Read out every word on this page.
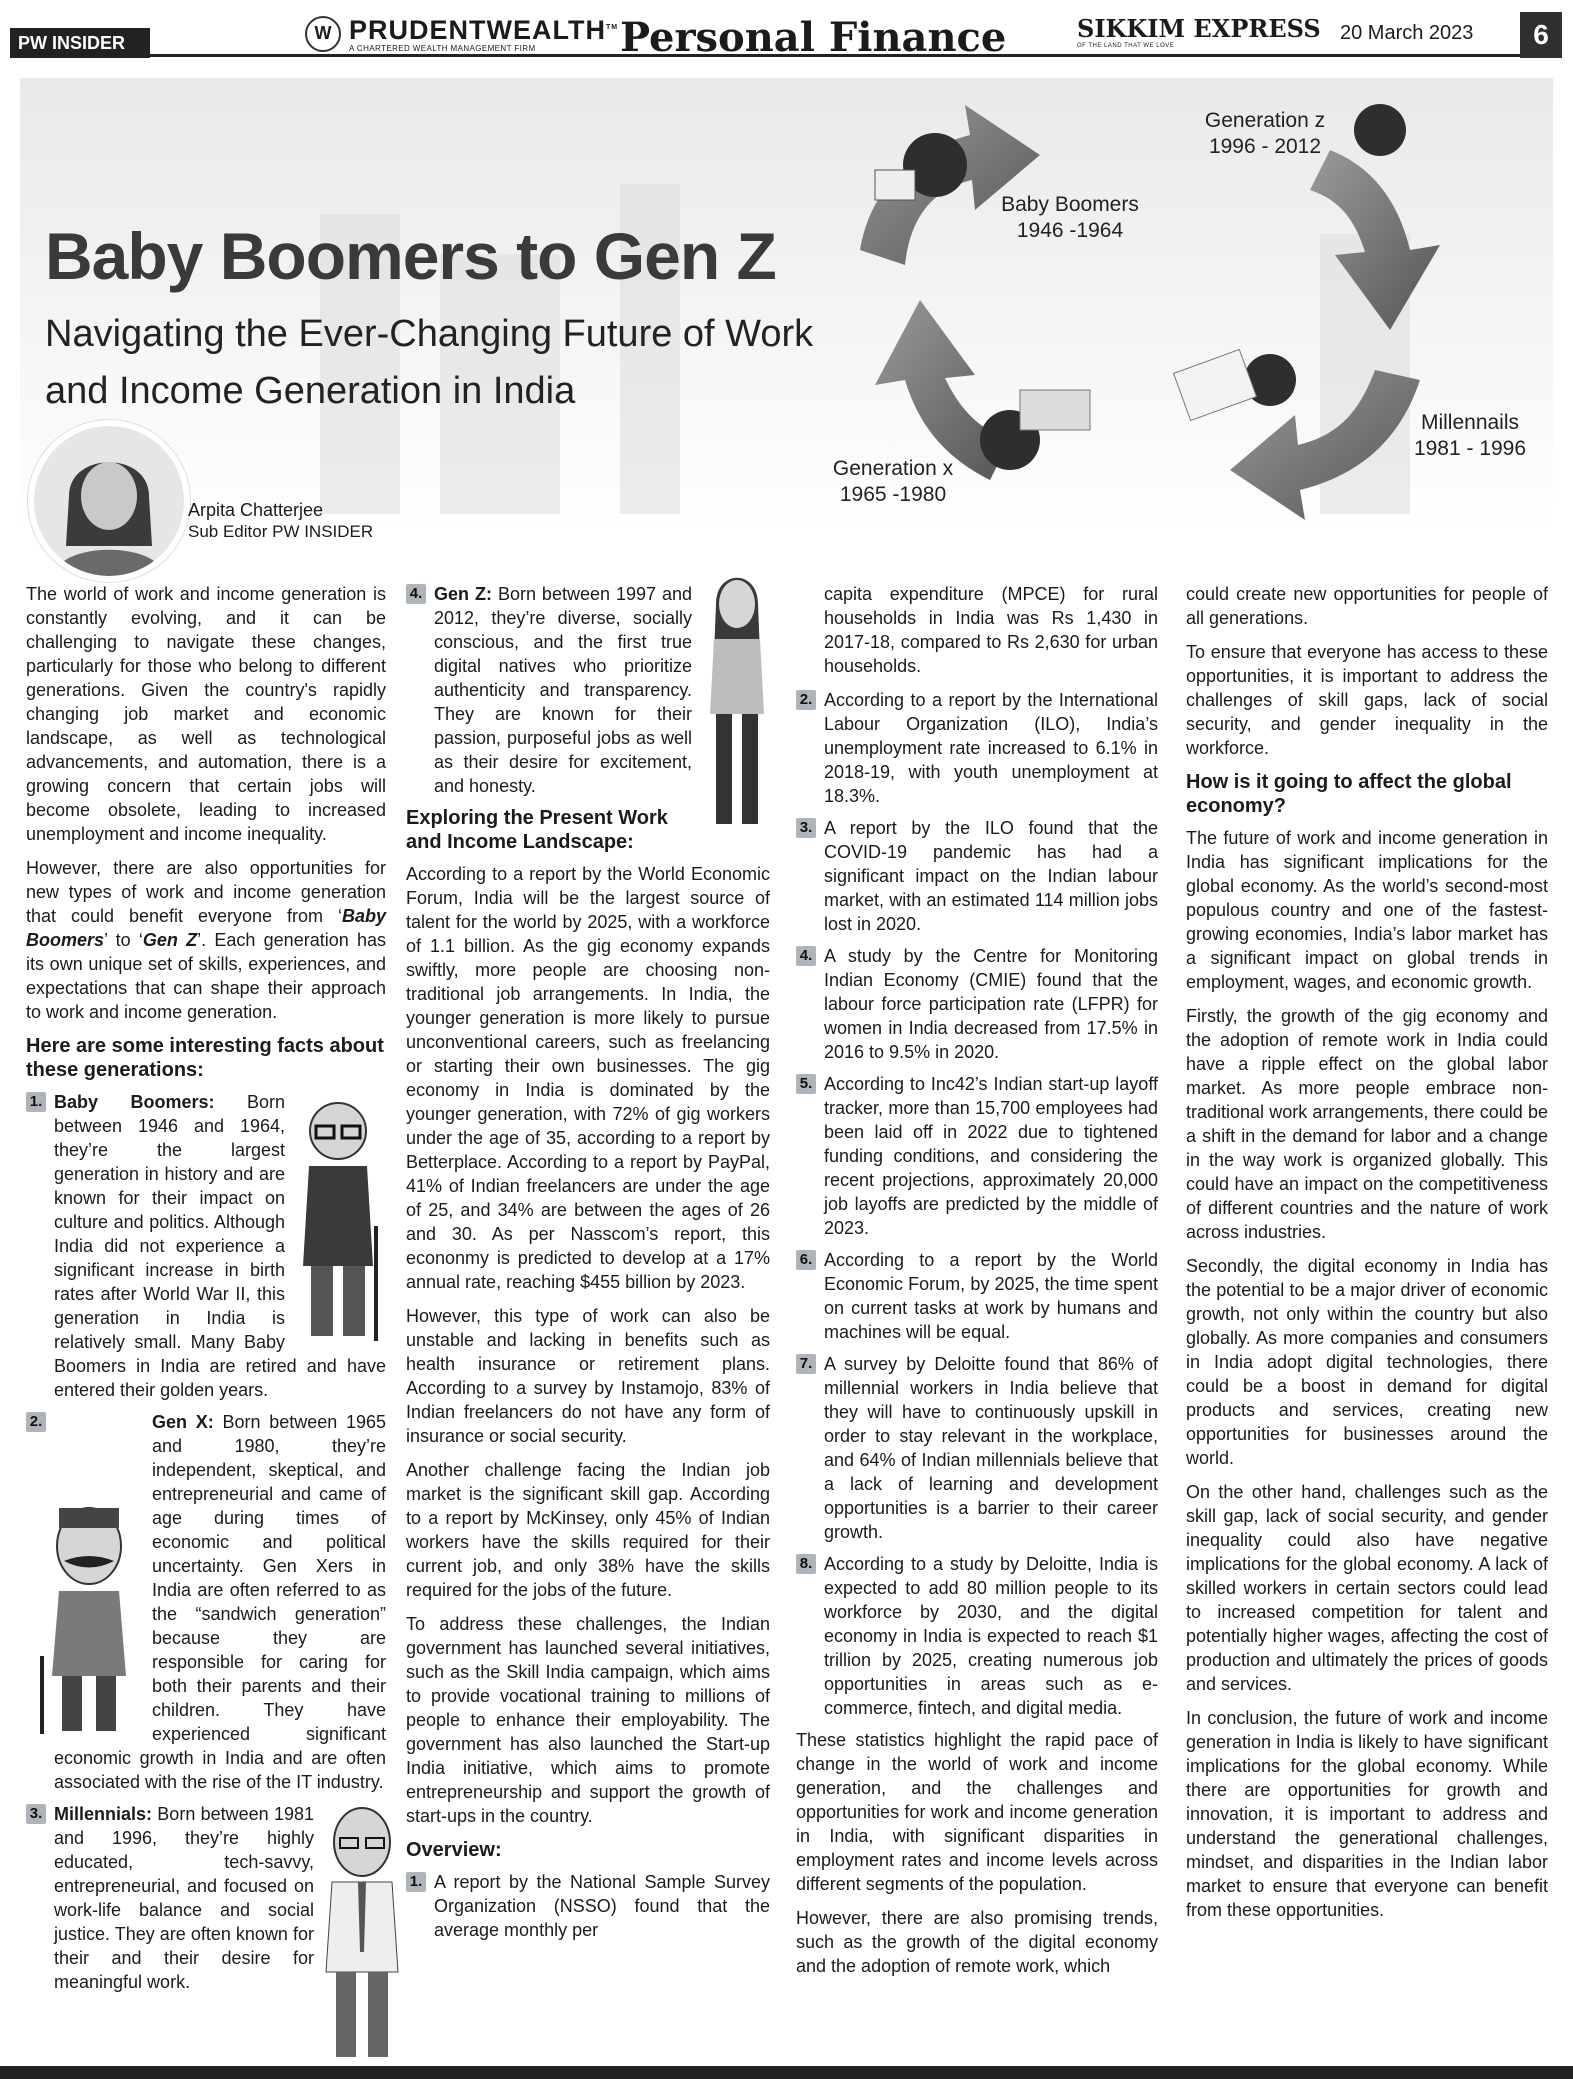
PW INSIDER	W PRUDENTWEALTH™
A CHARTERED WEALTH MANAGEMENT FIRM	Personal Finance	SIKKIM EXPRESS
OF THE LAND THAT WE LOVE
20 March 2023	6
Baby Boomers to Gen Z
Navigating the Ever-Changing Future of Work and Income Generation in India
Generation z
1996 - 2012
Baby Boomers
1946 -1964
Millennails
1981 - 1996
Generation x
1965 -1980
Arpita Chatterjee
Sub Editor PW INSIDER

The world of work and income generation is constantly evolving, and it can be challenging to navigate these changes, particularly for those who belong to different generations. Given the country's rapidly changing job market and economic landscape, as well as technological advancements, and automation, there is a growing concern that certain jobs will become obsolete, leading to increased unemployment and income inequality.

However, there are also opportunities for new types of work and income generation that could benefit everyone from ‘Baby Boomers’ to ‘Gen Z’. Each generation has its own unique set of skills, experiences, and expectations that can shape their approach to work and income generation.

Here are some interesting facts about these generations:
1. Baby Boomers: Born between 1946 and 1964, they’re the largest generation in history and are known for their impact on culture and politics. Although India did not experience a significant increase in birth rates after World War II, this generation in India is relatively small. Many Baby Boomers in India are retired and have entered their golden years.
2.	Gen X: Born between 1965 and 1980, they’re independent, skeptical, and entrepreneurial and came of age during times of economic and political uncertainty. Gen Xers in India are often referred to as the “sandwich generation” because they are responsible for caring for both their parents and their children. They have experienced significant economic growth in India and are often associated with the rise of the IT industry.
3. Millennials: Born between 1981 and 1996, they’re highly educated, tech-savvy, entrepreneurial, and focused on work-life balance and social justice. They are often known for their and their desire for meaningful work.
4. Gen Z: Born between 1997 and 2012, they’re diverse, socially conscious, and the first true digital natives who prioritize authenticity and transparency. They are known for their passion, purposeful jobs as well as their desire for excitement, and honesty.
Exploring the Present Work and Income Landscape:

According to a report by the World Economic Forum, India will be the largest source of talent for the world by 2025, with a workforce of 1.1 billion. As the gig economy expands swiftly, more people are choosing non-traditional job arrangements. In India, the younger generation is more likely to pursue unconventional careers, such as freelancing or starting their own businesses. The gig economy in India is dominated by the younger generation, with 72% of gig workers under the age of 35, according to a report by Betterplace. According to a report by PayPal, 41% of Indian freelancers are under the age of 25, and 34% are between the ages of 26 and 30. As per Nasscom’s report, this econonmy is predicted to develop at a 17% annual rate, reaching $455 billion by 2023.

However, this type of work can also be unstable and lacking in benefits such as health insurance or retirement plans. According to a survey by Instamojo, 83% of Indian freelancers do not have any form of insurance or social security.

Another challenge facing the Indian job market is the significant skill gap. According to a report by McKinsey, only 45% of Indian workers have the skills required for their current job, and only 38% have the skills required for the jobs of the future.

To address these challenges, the Indian government has launched several initiatives, such as the Skill India campaign, which aims to provide vocational training to millions of people to enhance their employability. The government has also launched the Start-up India initiative, which aims to promote entrepreneurship and support the growth of start-ups in the country.

Overview:
1. A report by the National Sample Survey Organization (NSSO) found that the average monthly per

capita expenditure (MPCE) for rural households in India was Rs 1,430 in 2017-18, compared to Rs 2,630 for urban households.

2. According to a report by the International Labour Organization (ILO), India’s unemployment rate increased to 6.1% in 2018-19, with youth unemployment at 18.3%.
3. A report by the ILO found that the COVID-19 pandemic has had a significant impact on the Indian labour market, with an estimated 114 million jobs lost in 2020.
4. A study by the Centre for Monitoring Indian Economy (CMIE) found that the labour force participation rate (LFPR) for women in India decreased from 17.5% in 2016 to 9.5% in 2020.
5. According to Inc42’s Indian start-up layoff tracker, more than 15,700 employees had been laid off in 2022 due to tightened funding conditions, and considering the recent projections, approximately 20,000 job layoffs are predicted by the middle of 2023.
6. According to a report by the World Economic Forum, by 2025, the time spent on current tasks at work by humans and machines will be equal.
7. A survey by Deloitte found that 86% of millennial workers in India believe that they will have to continuously upskill in order to stay relevant in the workplace, and 64% of Indian millennials believe that a lack of learning and development opportunities is a barrier to their career growth.
8. According to a study by Deloitte, India is expected to add 80 million people to its workforce by 2030, and the digital economy in India is expected to reach $1 trillion by 2025, creating numerous job opportunities in areas such as e-commerce, fintech, and digital media.

These statistics highlight the rapid pace of change in the world of work and income generation, and the challenges and opportunities for work and income generation in India, with significant disparities in employment rates and income levels across different segments of the population.

However, there are also promising trends, such as the growth of the digital economy and the adoption of remote work, which

could create new opportunities for people of all generations.

To ensure that everyone has access to these opportunities, it is important to address the challenges of skill gaps, lack of social security, and gender inequality in the workforce.

How is it going to affect the global economy?

The future of work and income generation in India has significant implications for the global economy. As the world’s second-most populous country and one of the fastest-growing economies, India’s labor market has a significant impact on global trends in employment, wages, and economic growth.

Firstly, the growth of the gig economy and the adoption of remote work in India could have a ripple effect on the global labor market. As more people embrace non-traditional work arrangements, there could be a shift in the demand for labor and a change in the way work is organized globally. This could have an impact on the competitiveness of different countries and the nature of work across industries.

Secondly, the digital economy in India has the potential to be a major driver of economic growth, not only within the country but also globally. As more companies and consumers in India adopt digital technologies, there could be a boost in demand for digital products and services, creating new opportunities for businesses around the world.

On the other hand, challenges such as the skill gap, lack of social security, and gender inequality could also have negative implications for the global economy. A lack of skilled workers in certain sectors could lead to increased competition for talent and potentially higher wages, affecting the cost of production and ultimately the prices of goods and services.

In conclusion, the future of work and income generation in India is likely to have significant implications for the global economy. While there are opportunities for growth and innovation, it is important to address and understand the generational challenges, mindset, and disparities in the Indian labor market to ensure that everyone can benefit from these opportunities.
